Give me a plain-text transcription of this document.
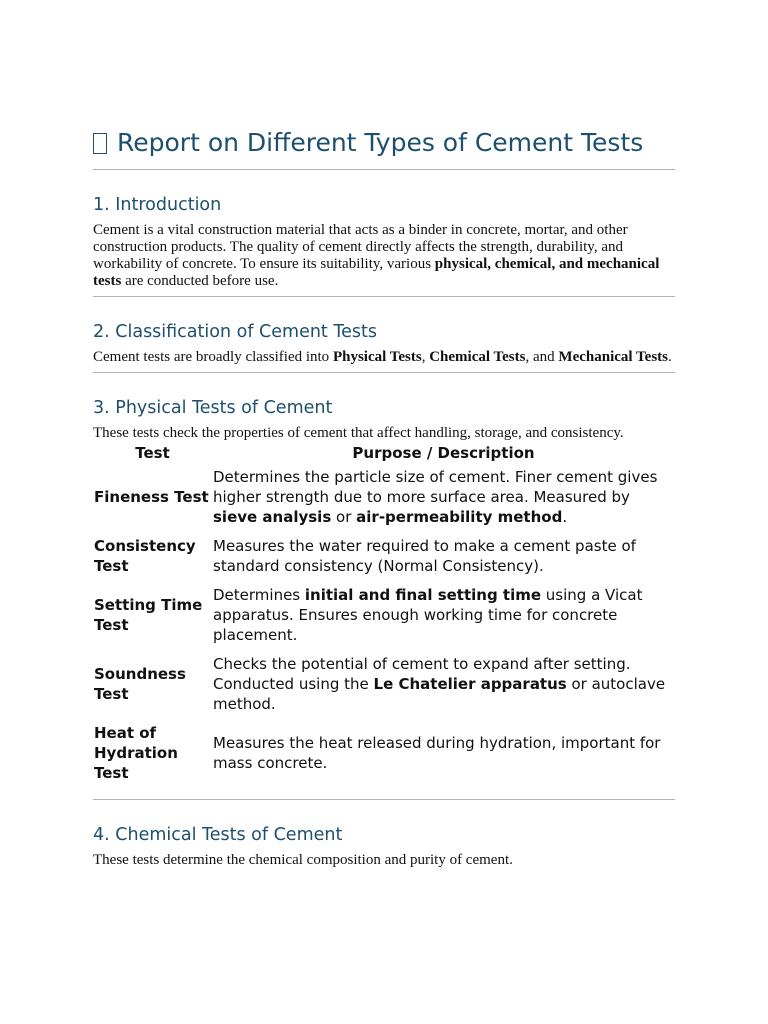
Report on Different Types of Cement Tests
1. Introduction

Cement is a vital construction material that acts as a binder in concrete, mortar, and other construction products. The quality of cement directly affects the strength, durability, and workability of concrete. To ensure its suitability, various physical, chemical, and mechanical tests are conducted before use.

2. Classification of Cement Tests

Cement tests are broadly classified into Physical Tests, Chemical Tests, and Mechanical Tests.

3. Physical Tests of Cement

These tests check the properties of cement that affect handling, storage, and consistency.

Test	Purpose / Description
Fineness Test	Determines the particle size of cement. Finer cement gives higher strength due to more surface area. Measured by sieve analysis or air-permeability method.
Consistency Test	Measures the water required to make a cement paste of standard consistency (Normal Consistency).
Setting Time Test	Determines initial and final setting time using a Vicat apparatus. Ensures enough working time for concrete placement.
Soundness Test	Checks the potential of cement to expand after setting. Conducted using the Le Chatelier apparatus or autoclave method.
Heat of Hydration Test	Measures the heat released during hydration, important for mass concrete.
4. Chemical Tests of Cement

These tests determine the chemical composition and purity of cement.
